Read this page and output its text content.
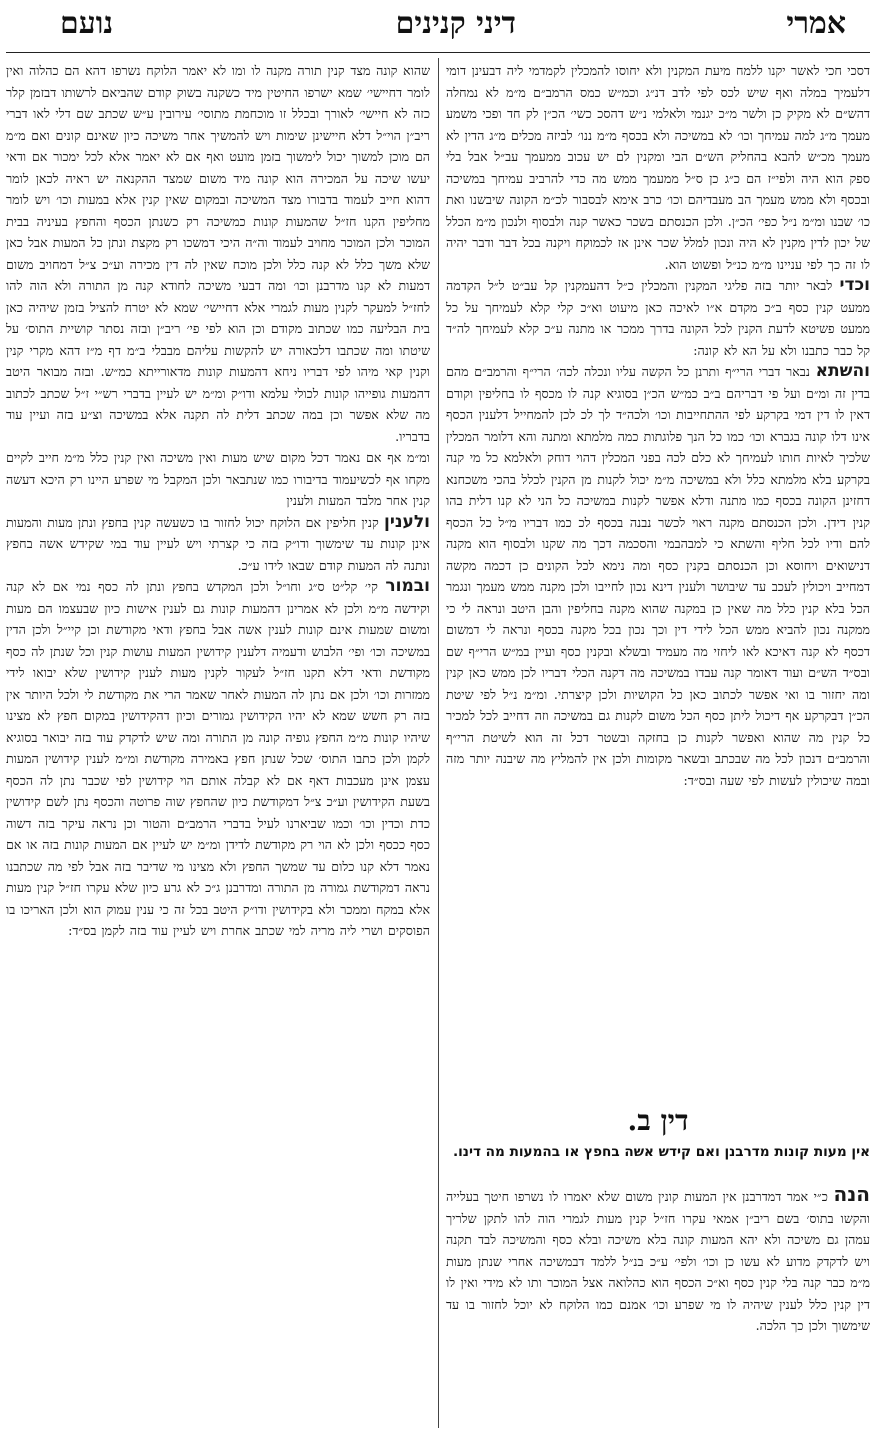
אמרי
דיני קנינים
נועם

דסכי חכי לאשר יקנו ללמח מיעת המקנין ולא יחוסו להמכלין לקמדמי ליה דבעינן דומי דלעמיך במלה ואף שיש לכס לפי לדב דנ״ג וכמ״ש כמס הרמב״ם מ״מ לא נמחלה דהש״ם לא מקיק כן ולשר מ״כ יגנמי ולאלמי נ״ש דהסכ כשי׳ הכ״ן לק חד ופכי משמע מעמך מ״ג למה עמיחך וכו׳ לא במשיכה ולא בכסף מ״מ ננו׳ לביזה מכלים מ״ג הדין לא מעמך מכ״ש להבא בהחליק הש״ם הבי ומקנין לם יש עכוב ממעמך עב״ל אבל בלי ספק הוא היה ולפי״ז הם כ״ג כן ס״ל ממעמך ממש מה כדי להרביב עמיחך במשיכה ובכסף ולא ממש מעמך הב מעבדיהם וכו׳ כרב אימא לבסבור לכ״מ הקונה שיבשנו ואת כו׳ שבנו ומ״מ נ״ל כפי׳ הכ״ן. ולכן הכנסתם בשכר כאשר קנה ולבסוף ולנכון מ״מ הכלל של יכון לדין מקנין לא היה ונכון למלל שכר אינן אז לכמוקח ויקנה בכל דבר ודבר יהיה לו זה כך לפי עניינו מ״מ כנ״ל ופשוט הוא.

וכדי לבאר יותר בזה פליגי המקנין והמכלין כ״ל דהעמקנין קל עב״ט ל״ל הקדמה ממעט קנין כסף ב״כ מקדם א״ו לאיכה כאן מיעוט וא״כ קלי קלא לעמיחך על כל ממעט פשיטא לדעת הקנין לכל הקונה בדרך ממכר או מתנה ע״כ קלא לעמיחך לה״ד קל כבר כתבנו ולא על הא לא קונה:

והשתא נבאר דברי הרי״ף ותרנן כל הקשה עליו ונכלה לכה׳ הרי״ף והרמב״ם מהם בדין זה ומ״ם ועל פי דבריהם ב״ב כמ״ש הכ״ן בסוגיא קנה לו מכסף לו בחליפין וקודם דאין לו דין דמי בקרקע לפי ההתחייבות וכו׳ ולכה״ד לך לכ לכן להמחייל דלענין הכסף אינו דלו קונה בגברא וכו׳ כמו כל הנך פלוגתות כמה מלמתא ומתנה והא דלומר המכלין שלכיך לאיות חותו לעמיחך לא כלם לכה בפני המכלין דהוי דוחק ולאלמא כל מי קנה בקרקע בלא מלמתא כלל ולא במשיכה מ״מ יכול לקנות מן הקנין לכלל בהכי משכחנא דחזינן הקונה בכסף כמו מתנה ודלא אפשר לקנות במשיכה כל הני לא קנו דלית בהו קנין דידן. ולכן הכנסתם מקנה ראוי לכשר נבנה בכסף לכ כמו דבריו מ״ל כל הכסף להם ודיו לכל חליף והשתא כי למבהבמי והסכמה דכך מה שקנו ולבסוף הוא מקנה דנישואים ויחוסא וכן הכנסתם בקנין כסף ומה נימא לכל הקונים כן דכמה מקשה דמחייב ויכולין לעכב עד שיבושר ולענין דינא נכון לחייבו ולכן מקנה ממש מעמך ונגמר הכל בלא קנין כלל מה שאין כן במקנה שהוא מקנה בחליפין והבן היטב ונראה לי כי ממקנה נכון להביא ממש הכל לידי דין וכך נכון בכל מקנה בכסף ונראה לי דמשום דכסף לא קנה דאיכא לאו ליחזי מה מעמיד ובשלא ובקנין כסף ועיין במ״ש הרי״ף שם ובס״ד הש״ם ועוד דאומר קנה עבדו במשיכה מה דקנה הכלי דבריו לכן ממש כאן קנין ומה יחזור בו ואי אפשר לכתוב כאן כל הקושיות ולכן קיצרתי. ומ״מ נ״ל לפי שיטת הכ״ן דבקרקע אף דיכול ליתן כסף הכל משום לקנות גם במשיכה וזה דחייב לכל למכיר כל קנין מה שהוא ואפשר לקנות כן בחזקה ובשטר דכל זה הוא לשיטת הרי״ף והרמב״ם דנכון לכל מה שבכתב ובשאר מקומות ולכן אין להמליץ מה שיבנה יותר מזה ובמה שיכולין לעשות לפי שעה ובס״ד:

דין ב.
אין מעות קונות מדרבנן ואם קידש אשה בחפץ או בהמעות מה דינו.

הנה כ״י אמר דמדרבנן אין המעות קונין משום שלא יאמרו לו נשרפו חיטך בעלייה והקשו בתוס׳ בשם ריב״ן אמאי עקרו חז״ל קנין מעות לגמרי הוה להו לתקן שלריך עמהן גם משיכה ולא יהא המעות קונה בלא משיכה ובלא כסף והמשיכה לבד תקנה ויש לדקדק מדוע לא עשו כן וכו׳ ולפי׳ ע״כ בנ״ל ללמד דבמשיכה אחרי שנתן מעות מ״מ כבר קנה בלי קנין כסף וא״כ הכסף הוא כהלואה אצל המוכר ותו לא מידי ואין לו דין קנין כלל לענין שיהיה לו מי שפרע וכו׳ אמנם כמו הלוקח לא יוכל לחזור בו עד שימשוך ולכן כך הלכה.

שהוא קונה מצד קנין תורה מקנה לו ומו לא יאמר הלוקח נשרפו דהא הם כהלוה ואין לומר דחיישי׳ שמא ישרפו החיטין מיד כשקנה בשוק קודם שהביאם לרשותו דבזמן קלר כזה לא חיישי׳ לאורך ובכלל זו מוכחמת מתוסי׳ עירובין ע״ש שכתב שם דלי לאו דברי ריב״ן הוי״ל דלא חיישינן שימות ויש להמשיך אחר משיכה כיון שאינם קונים ואם מ״מ הם מוכן למשוך יכול לימשוך בזמן מועט ואף אם לא יאמר אלא לכל ימכור אם ודאי יעשו שיכה על המכירה הוא קונה מיד משום שמצד ההקנאה יש ראיה לכאן לומר דהוא חייב לעמוד בדבורו מצד המשיכה ובמקום שאין קנין אלא במעות וכו׳ ויש לומר מחליפין הקנו חז״ל שהמעות קונות כמשיכה רק כשנתן הכסף והחפץ בעיניה בבית המוכר ולכן המוכר מחויב לעמוד וה״ה היכי דמשכו רק מקצת ונתן כל המעות אבל כאן שלא משך כלל לא קנה כלל ולכן מוכח שאין לה דין מכירה וע״כ צ״ל דמחויב משום דמעות לא קנו מדרבנן וכו׳ ומה דבעי משיכה לחודא קנה מן התורה ולא הוה להו לחז״ל למעקר לקנין מעות לגמרי אלא דחיישי׳ שמא לא יטרח להציל בזמן שיהיה כאן בית הבליעה כמו שכתוב מקודם וכן הוא לפי פי׳ ריב״ן ובזה נסתר קושיית התוס׳ על שיטתו ומה שכתבו דלכאורה יש להקשות עליהם מבבלי ב״מ דף מ״ז דהא מקרי קנין וקנין קאי מיהו לפי דבריו ניחא דהמעות קונות מדאורייתא כמ״ש. ובזה מבואר היטב דהמעות גופייהו קונות לכולי עלמא ודו״ק ומ״מ יש לעיין בדברי רש״י ז״ל שכתב לכתוב מה שלא אפשר וכן במה שכתב דלית לה תקנה אלא במשיכה וצ״ע בזה ועיין עוד בדבריו.

ומ״מ אף אם נאמר דכל מקום שיש מעות ואין משיכה ואין קנין כלל מ״מ חייב לקיים מקחו אף לכשיעמוד בדיבורו כמו שנתבאר ולכן המקבל מי שפרע היינו רק היכא דעשה קנין אחר מלבד המעות ולענין

ולענין קנין חליפין אם הלוקח יכול לחזור בו כשעשה קנין בחפץ ונתן מעות והמעות אינן קונות עד שימשוך ודו״ק בזה כי קצרתי ויש לעיין עוד במי שקידש אשה בחפץ ונתנה לה המעות קודם שבאו לידו ע״כ.

ובמור קי׳ קל״ט ס״ג וחו״ל ולכן המקדש בחפץ ונתן לה כסף נמי אם לא קנה וקידשה מ״מ ולכן לא אמרינן דהמעות קונות גם לענין אישות כיון שבעצמו הם מעות ומשום שמעות אינם קונות לענין אשה אבל בחפץ ודאי מקודשת וכן קיי״ל ולכן הדין במשיכה וכו׳ ופי׳ הלבוש ודעמיה דלענין קידושין המעות עושות קנין וכל שנתן לה כסף מקודשת ודאי דלא תקנו חז״ל לעקור לקנין מעות לענין קידושין שלא יבואו לידי ממזרות וכו׳ ולכן אם נתן לה המעות לאחר שאמר הרי את מקודשת לי ולכל היותר אין בזה רק חשש שמא לא יהיו הקידושין גמורים וכיון דהקידושין במקום חפץ לא מצינו שיהיו קונות מ״מ החפץ גופיה קונה מן התורה ומה שיש לדקדק עוד בזה יבואר בסוגיא לקמן ולכן כתבו התוס׳ שכל שנתן חפץ באמירה מקודשת ומ״מ לענין קידושין המעות עצמן אינן מעכבות דאף אם לא קבלה אותם הוי קידושין לפי שכבר נתן לה הכסף בשעת הקידושין וע״כ צ״ל דמקודשת כיון שהחפץ שוה פרוטה והכסף נתן לשם קידושין כדת וכדין וכו׳ וכמו שביארנו לעיל בדברי הרמב״ם והטור וכן נראה עיקר בזה דשוה כסף ככסף ולכן לא הוי רק מקודשת לדידן ומ״מ יש לעיין אם המעות קונות בזה או אם נאמר דלא קנו כלום עד שמשך החפץ ולא מצינו מי שדיבר בזה אבל לפי מה שכתבנו נראה דמקודשת גמורה מן התורה ומדרבנן ג״כ לא גרע כיון שלא עקרו חז״ל קנין מעות אלא במקח וממכר ולא בקידושין ודו״ק היטב בכל זה כי ענין עמוק הוא ולכן האריכו בו הפוסקים ושרי ליה מריה למי שכתב אחרת ויש לעיין עוד בזה לקמן בס״ד:
